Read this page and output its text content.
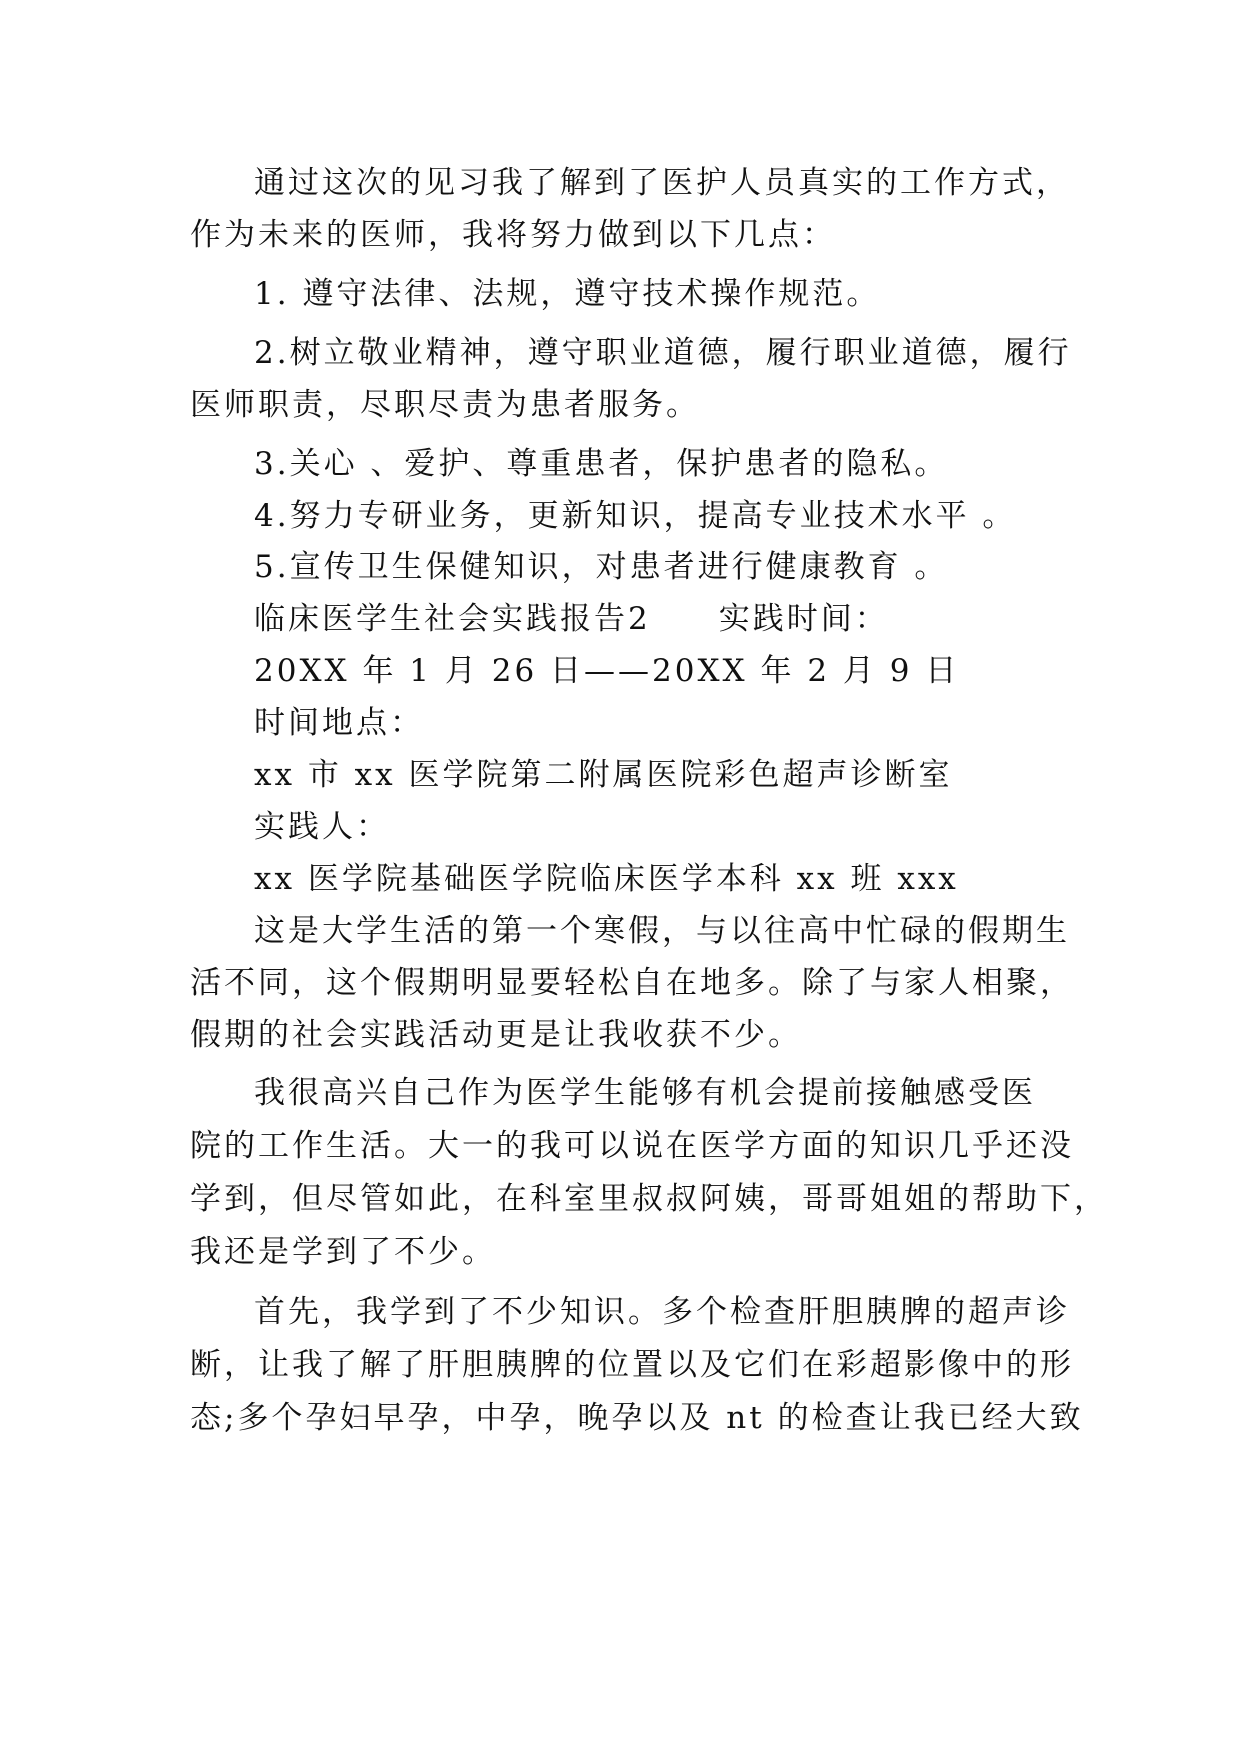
通过这次的见习我了解到了医护人员真实的工作方式，
作为未来的医师，我将努力做到以下几点：
1. 遵守法律、法规，遵守技术操作规范。
2.树立敬业精神，遵守职业道德，履行职业道德，履行
医师职责，尽职尽责为患者服务。
3.关心 、爱护、尊重患者，保护患者的隐私。
4.努力专研业务，更新知识，提高专业技术水平 。
5.宣传卫生保健知识，对患者进行健康教育 。
临床医学生社会实践报告2　　实践时间：
20XX 年 1 月 26 日——20XX 年 2 月 9 日
时间地点：
xx 市 xx 医学院第二附属医院彩色超声诊断室
实践人：
xx 医学院基础医学院临床医学本科 xx 班 xxx
这是大学生活的第一个寒假，与以往高中忙碌的假期生
活不同，这个假期明显要轻松自在地多。除了与家人相聚，
假期的社会实践活动更是让我收获不少。
我很高兴自己作为医学生能够有机会提前接触感受医
院的工作生活。大一的我可以说在医学方面的知识几乎还没
学到，但尽管如此，在科室里叔叔阿姨，哥哥姐姐的帮助下，
我还是学到了不少。
首先，我学到了不少知识。多个检查肝胆胰脾的超声诊
断，让我了解了肝胆胰脾的位置以及它们在彩超影像中的形
态;多个孕妇早孕，中孕，晚孕以及 nt 的检查让我已经大致
